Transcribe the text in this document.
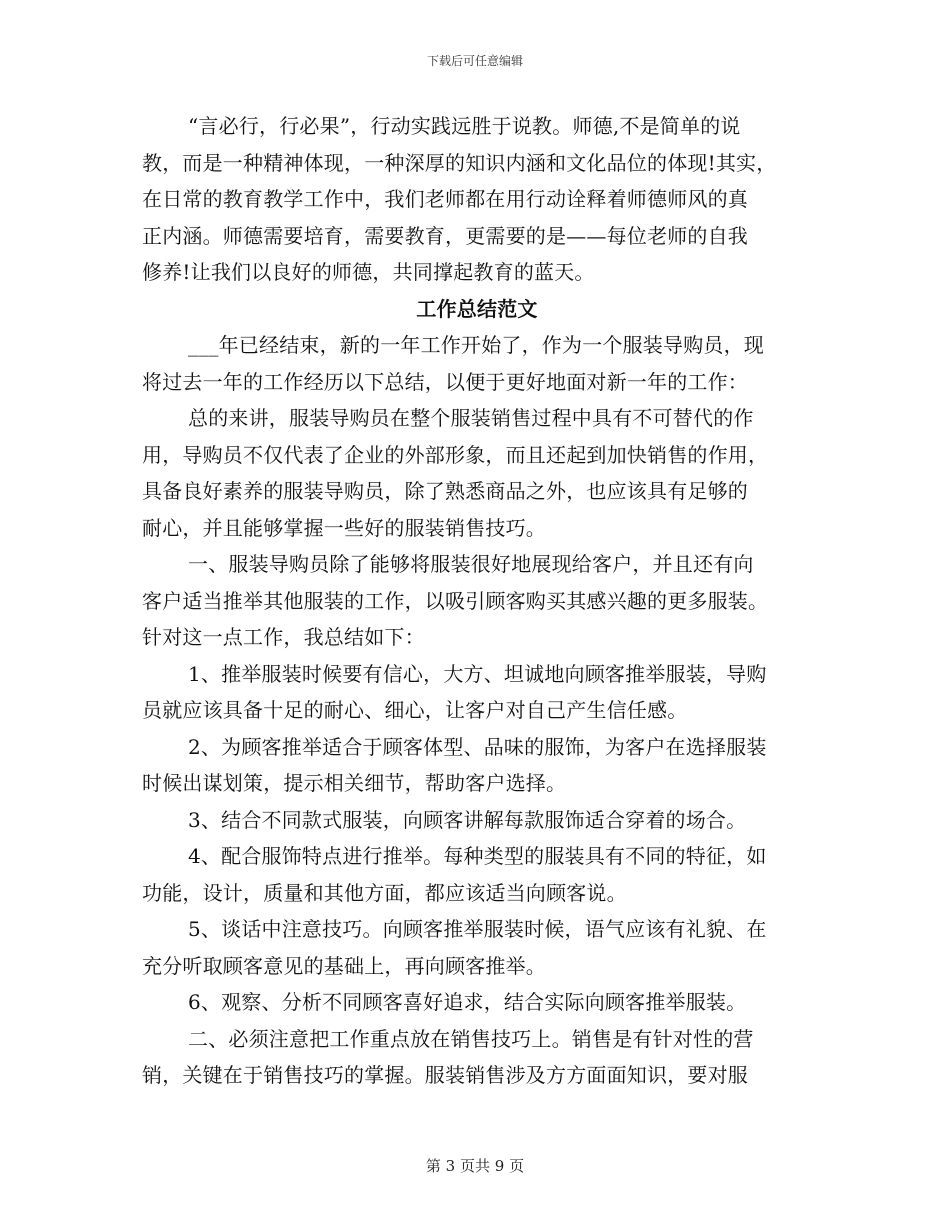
下载后可任意编辑
“言必行，行必果”，行动实践远胜于说教。师德,不是简单的说
教，而是一种精神体现，一种深厚的知识内涵和文化品位的体现!其实，
在日常的教育教学工作中，我们老师都在用行动诠释着师德师风的真
正内涵。师德需要培育，需要教育，更需要的是——每位老师的自我
修养!让我们以良好的师德，共同撑起教育的蓝天。
工作总结范文
___年已经结束，新的一年工作开始了，作为一个服装导购员，现
将过去一年的工作经历以下总结，以便于更好地面对新一年的工作：
总的来讲，服装导购员在整个服装销售过程中具有不可替代的作
用，导购员不仅代表了企业的外部形象，而且还起到加快销售的作用，
具备良好素养的服装导购员，除了熟悉商品之外，也应该具有足够的
耐心，并且能够掌握一些好的服装销售技巧。
一、服装导购员除了能够将服装很好地展现给客户，并且还有向
客户适当推举其他服装的工作，以吸引顾客购买其感兴趣的更多服装。
针对这一点工作，我总结如下：
1、推举服装时候要有信心，大方、坦诚地向顾客推举服装，导购
员就应该具备十足的耐心、细心，让客户对自己产生信任感。
2、为顾客推举适合于顾客体型、品味的服饰，为客户在选择服装
时候出谋划策，提示相关细节，帮助客户选择。
3、结合不同款式服装，向顾客讲解每款服饰适合穿着的场合。
4、配合服饰特点进行推举。每种类型的服装具有不同的特征，如
功能，设计，质量和其他方面，都应该适当向顾客说。
5、谈话中注意技巧。向顾客推举服装时候，语气应该有礼貌、在
充分听取顾客意见的基础上，再向顾客推举。
6、观察、分析不同顾客喜好追求，结合实际向顾客推举服装。
二、必须注意把工作重点放在销售技巧上。销售是有针对性的营
销，关键在于销售技巧的掌握。服装销售涉及方方面面知识，要对服
第 3 页共 9 页
